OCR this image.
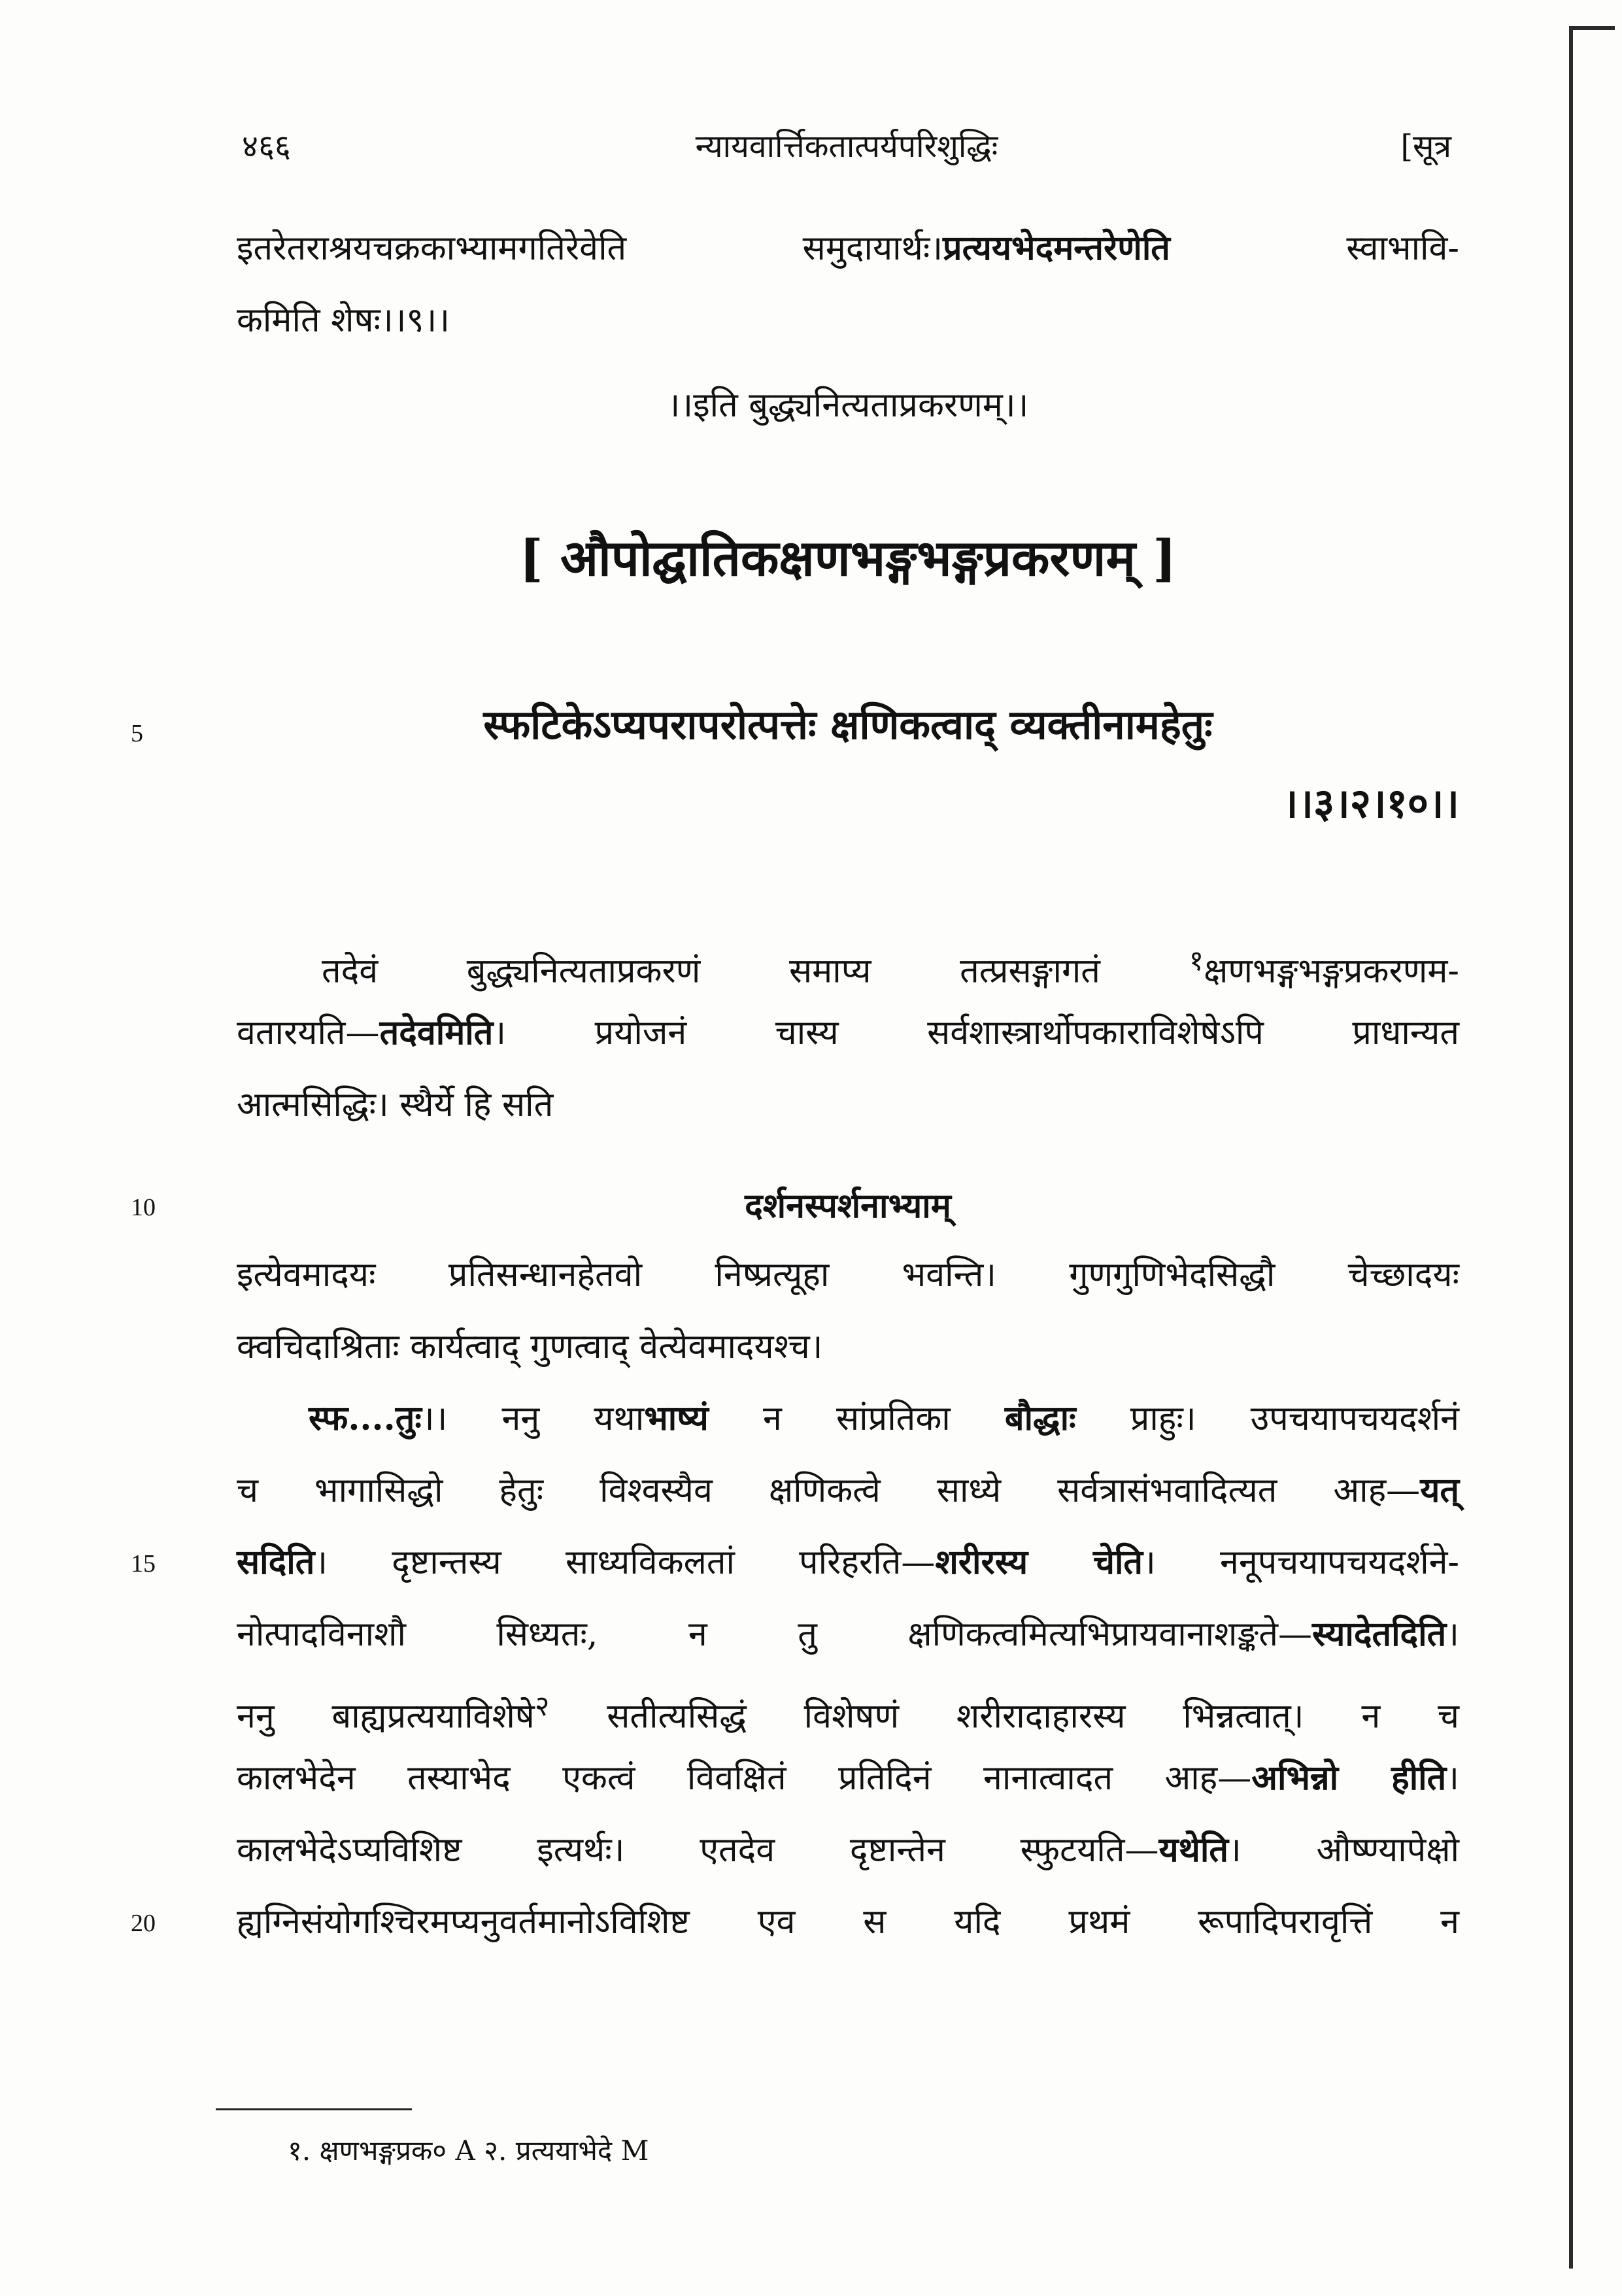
४६६	न्यायवार्त्तिकतात्पर्यपरिशुद्धिः	[सूत्र
इतरेतराश्रयचक्रकाभ्यामगतिरेवेति समुदायार्थः।प्रत्ययभेदमन्तरेणेति स्वाभावि-
कमिति शेषः।।९।।
।।इति बुद्ध्यनित्यताप्रकरणम्।।
[ औपोद्घातिकक्षणभङ्गभङ्गप्रकरणम् ]
स्फटिकेऽप्यपरापरोत्पत्तेः क्षणिकत्वाद् व्यक्तीनामहेतुः
।।३।२।१०।।
5
तदेवं बुद्ध्यनित्यताप्रकरणं समाप्य तत्प्रसङ्गागतं $^१$क्षणभङ्गभङ्गप्रकरणम-
वतारयति—तदेवमिति। प्रयोजनं चास्य सर्वशास्त्रार्थोपकाराविशेषेऽपि प्राधान्यत
आत्मसिद्धिः। स्थैर्ये हि सति
10	दर्शनस्पर्शनाभ्याम्
इत्येवमादयः प्रतिसन्धानहेतवो निष्प्रत्यूहा भवन्ति। गुणगुणिभेदसिद्धौ चेच्छादयः
क्वचिदाश्रिताः कार्यत्वाद् गुणत्वाद् वेत्येवमादयश्च।
स्फ....तुः।। ननु यथाभाष्यं न सांप्रतिका बौद्धाः प्राहुः। उपचयापचयदर्शनं
च भागासिद्धो हेतुः विश्वस्यैव क्षणिकत्वे साध्ये सर्वत्रासंभवादित्यत आह—यत्
15 सदिति। दृष्टान्तस्य साध्यविकलतां परिहरति—शरीरस्य चेति। ननूपचयापचयदर्शने-
नोत्पादविनाशौ सिध्यतः, न तु क्षणिकत्वमित्यभिप्रायवानाशङ्कते—स्यादेतदिति।
ननु बाह्यप्रत्ययाविशेषे$^२$ सतीत्यसिद्धं विशेषणं शरीरादाहारस्य भिन्नत्वात्। न च
कालभेदेन तस्याभेद एकत्वं विवक्षितं प्रतिदिनं नानात्वादत आह—अभिन्नो हीति।
कालभेदेऽप्यविशिष्ट इत्यर्थः। एतदेव दृष्टान्तेन स्फुटयति—यथेति। औष्ण्यापेक्षो
20 ह्यग्निसंयोगश्चिरमप्यनुवर्तमानोऽविशिष्ट एव स यदि प्रथमं रूपादिपरावृत्तिं न
१. क्षणभङ्गप्रक० A २. प्रत्ययाभेदे M
